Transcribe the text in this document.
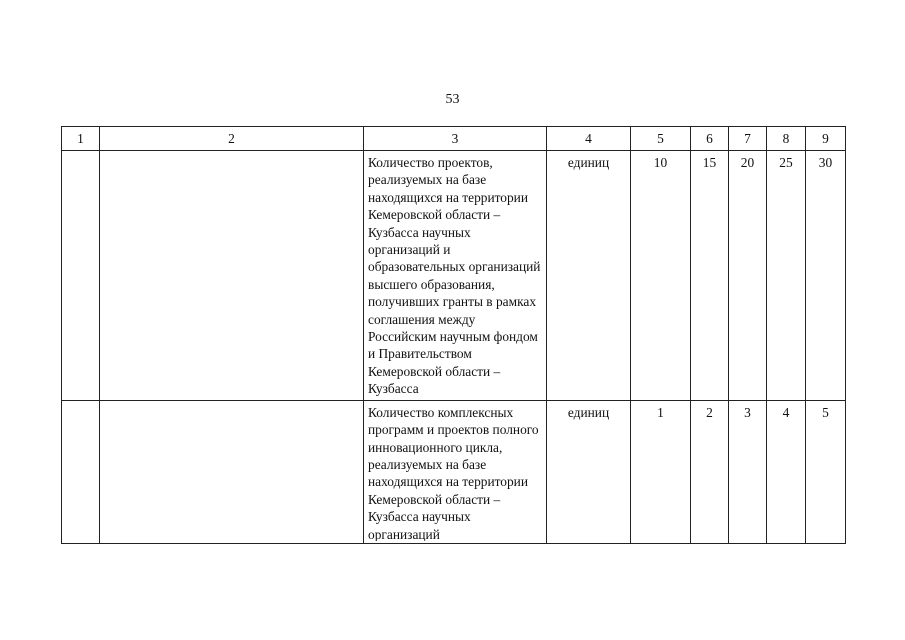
53
1	2	3	4	5	6	7	8	9
		Количество проектов, реализуемых на базе находящихся на территории Кемеровской области – Кузбасса научных организаций и образовательных организаций высшего образования, получивших гранты в рамках соглашения между Российским научным фондом и Правительством Кемеровской области – Кузбасса	единиц	10	15	20	25	30

		Количество комплексных программ и проектов полного инновационного цикла, реализуемых на базе находящихся на территории Кемеровской области – Кузбасса научных организаций	единиц	1	2	3	4	5
